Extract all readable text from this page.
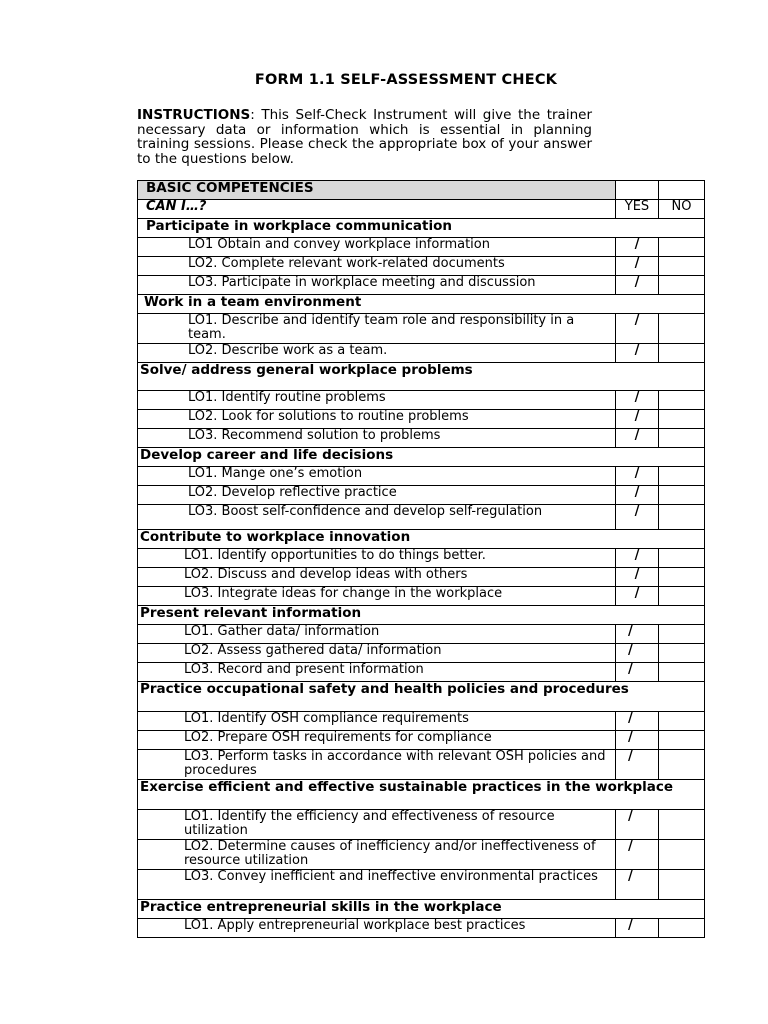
FORM 1.1 SELF-ASSESSMENT CHECK
INSTRUCTIONS: This Self-Check Instrument will give the trainer necessary data or information which is essential in planning training sessions. Please check the appropriate box of your answer to the questions below.
BASIC COMPETENCIES		
CAN I…?	YES	NO
Participate in workplace communication		
LO1 Obtain and convey workplace information	/	
LO2. Complete relevant work-related documents	/	
LO3. Participate in workplace meeting and discussion	/	
Work in a team environment		
LO1. Describe and identify team role and responsibility in a team.	/	
LO2. Describe work as a team.	/	
Solve/ address general workplace problems		
LO1. Identify routine problems	/	
LO2. Look for solutions to routine problems	/	
LO3. Recommend solution to problems	/	
Develop career and life decisions		
LO1. Mange one’s emotion	/	
LO2. Develop reflective practice	/	
LO3. Boost self-confidence and develop self-regulation	/	
Contribute to workplace innovation		
LO1. Identify opportunities to do things better.	/	
LO2. Discuss and develop ideas with others	/	
LO3. Integrate ideas for change in the workplace	/	
Present relevant information		
LO1. Gather data/ information	/	
LO2. Assess gathered data/ information	/	
LO3. Record and present information	/	
Practice occupational safety and health policies and procedures		
LO1. Identify OSH compliance requirements	/	
LO2. Prepare OSH requirements for compliance	/	
LO3. Perform tasks in accordance with relevant OSH policies and procedures	/	
Exercise efficient and effective sustainable practices in the workplace		
LO1. Identify the efficiency and effectiveness of resource utilization	/	
LO2. Determine causes of inefficiency and/or ineffectiveness of resource utilization	/	
LO3. Convey inefficient and ineffective environmental practices	/	
Practice entrepreneurial skills in the workplace		
LO1. Apply entrepreneurial workplace best practices	/	
